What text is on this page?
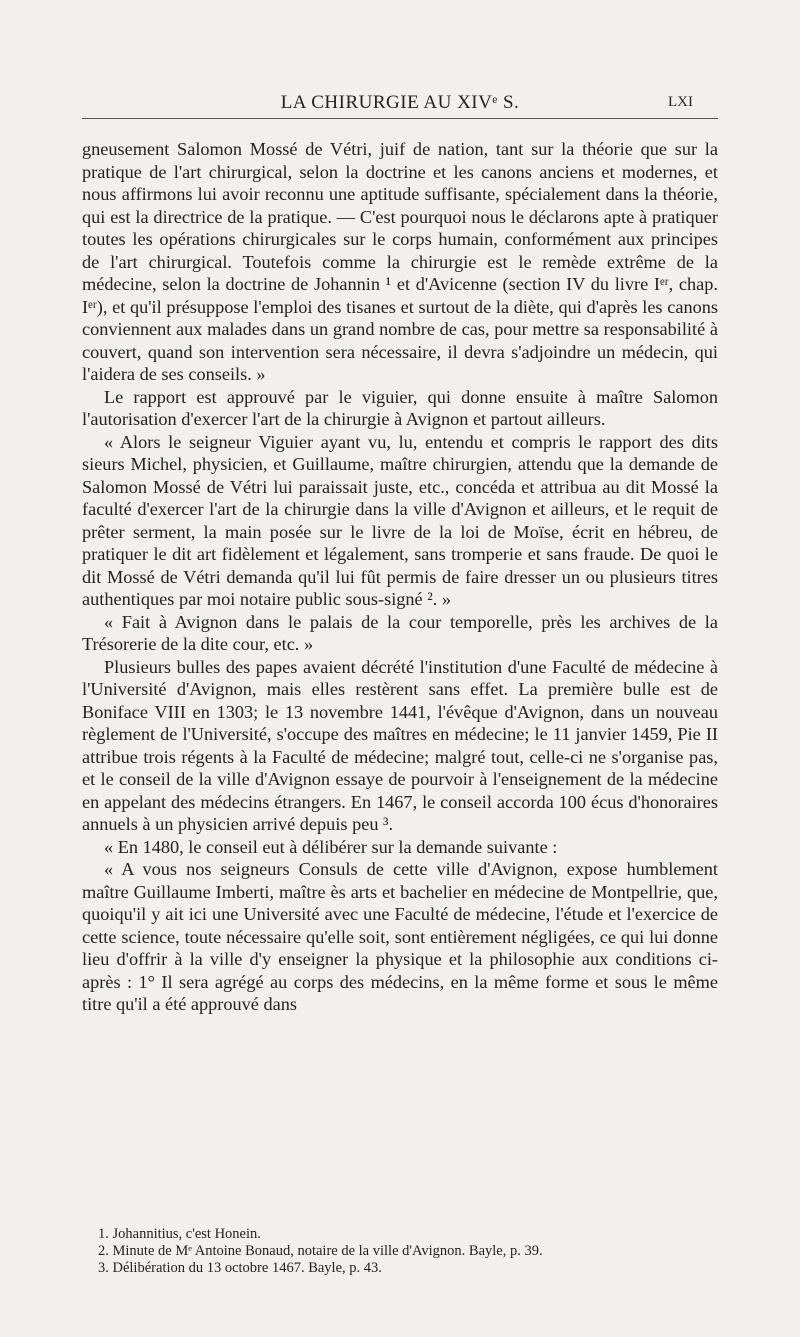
LA CHIRURGIE AU XIVᵉ S.	LXI

gneusement Salomon Mossé de Vétri, juif de nation, tant sur la théorie que sur la pratique de l'art chirurgical, selon la doctrine et les canons anciens et modernes, et nous affirmons lui avoir reconnu une aptitude suffisante, spécialement dans la théorie, qui est la directrice de la pratique. — C'est pourquoi nous le déclarons apte à pratiquer toutes les opérations chirurgicales sur le corps humain, conformément aux principes de l'art chirurgical. Toutefois comme la chirurgie est le remède extrême de la médecine, selon la doctrine de Johannin ¹ et d'Avicenne (section IV du livre Iᵉʳ, chap. Iᵉʳ), et qu'il présuppose l'emploi des tisanes et surtout de la diète, qui d'après les canons conviennent aux malades dans un grand nombre de cas, pour mettre sa responsabilité à couvert, quand son intervention sera nécessaire, il devra s'adjoindre un médecin, qui l'aidera de ses conseils. »

Le rapport est approuvé par le viguier, qui donne ensuite à maître Salomon l'autorisation d'exercer l'art de la chirurgie à Avignon et partout ailleurs.

« Alors le seigneur Viguier ayant vu, lu, entendu et compris le rapport des dits sieurs Michel, physicien, et Guillaume, maître chirurgien, attendu que la demande de Salomon Mossé de Vétri lui paraissait juste, etc., concéda et attribua au dit Mossé la faculté d'exercer l'art de la chirurgie dans la ville d'Avignon et ailleurs, et le requit de prêter serment, la main posée sur le livre de la loi de Moïse, écrit en hébreu, de pratiquer le dit art fidèlement et légalement, sans tromperie et sans fraude. De quoi le dit Mossé de Vétri demanda qu'il lui fût permis de faire dresser un ou plusieurs titres authentiques par moi notaire public sous-signé ². »

« Fait à Avignon dans le palais de la cour temporelle, près les archives de la Trésorerie de la dite cour, etc. »

Plusieurs bulles des papes avaient décrété l'institution d'une Faculté de médecine à l'Université d'Avignon, mais elles restèrent sans effet. La première bulle est de Boniface VIII en 1303; le 13 novembre 1441, l'évêque d'Avignon, dans un nouveau règlement de l'Université, s'occupe des maîtres en médecine; le 11 janvier 1459, Pie II attribue trois régents à la Faculté de médecine; malgré tout, celle-ci ne s'organise pas, et le conseil de la ville d'Avignon essaye de pourvoir à l'enseignement de la médecine en appelant des médecins étrangers. En 1467, le conseil accorda 100 écus d'honoraires annuels à un physicien arrivé depuis peu ³.

« En 1480, le conseil eut à délibérer sur la demande suivante :

« A vous nos seigneurs Consuls de cette ville d'Avignon, expose humblement maître Guillaume Imberti, maître ès arts et bachelier en médecine de Montpellrie, que, quoiqu'il y ait ici une Université avec une Faculté de médecine, l'étude et l'exercice de cette science, toute nécessaire qu'elle soit, sont entièrement négligées, ce qui lui donne lieu d'offrir à la ville d'y enseigner la physique et la philosophie aux conditions ci-après : 1° Il sera agrégé au corps des médecins, en la même forme et sous le même titre qu'il a été approuvé dans

1. Johannitius, c'est Honein.

2. Minute de Mᵉ Antoine Bonaud, notaire de la ville d'Avignon. Bayle, p. 39.

3. Délibération du 13 octobre 1467. Bayle, p. 43.
